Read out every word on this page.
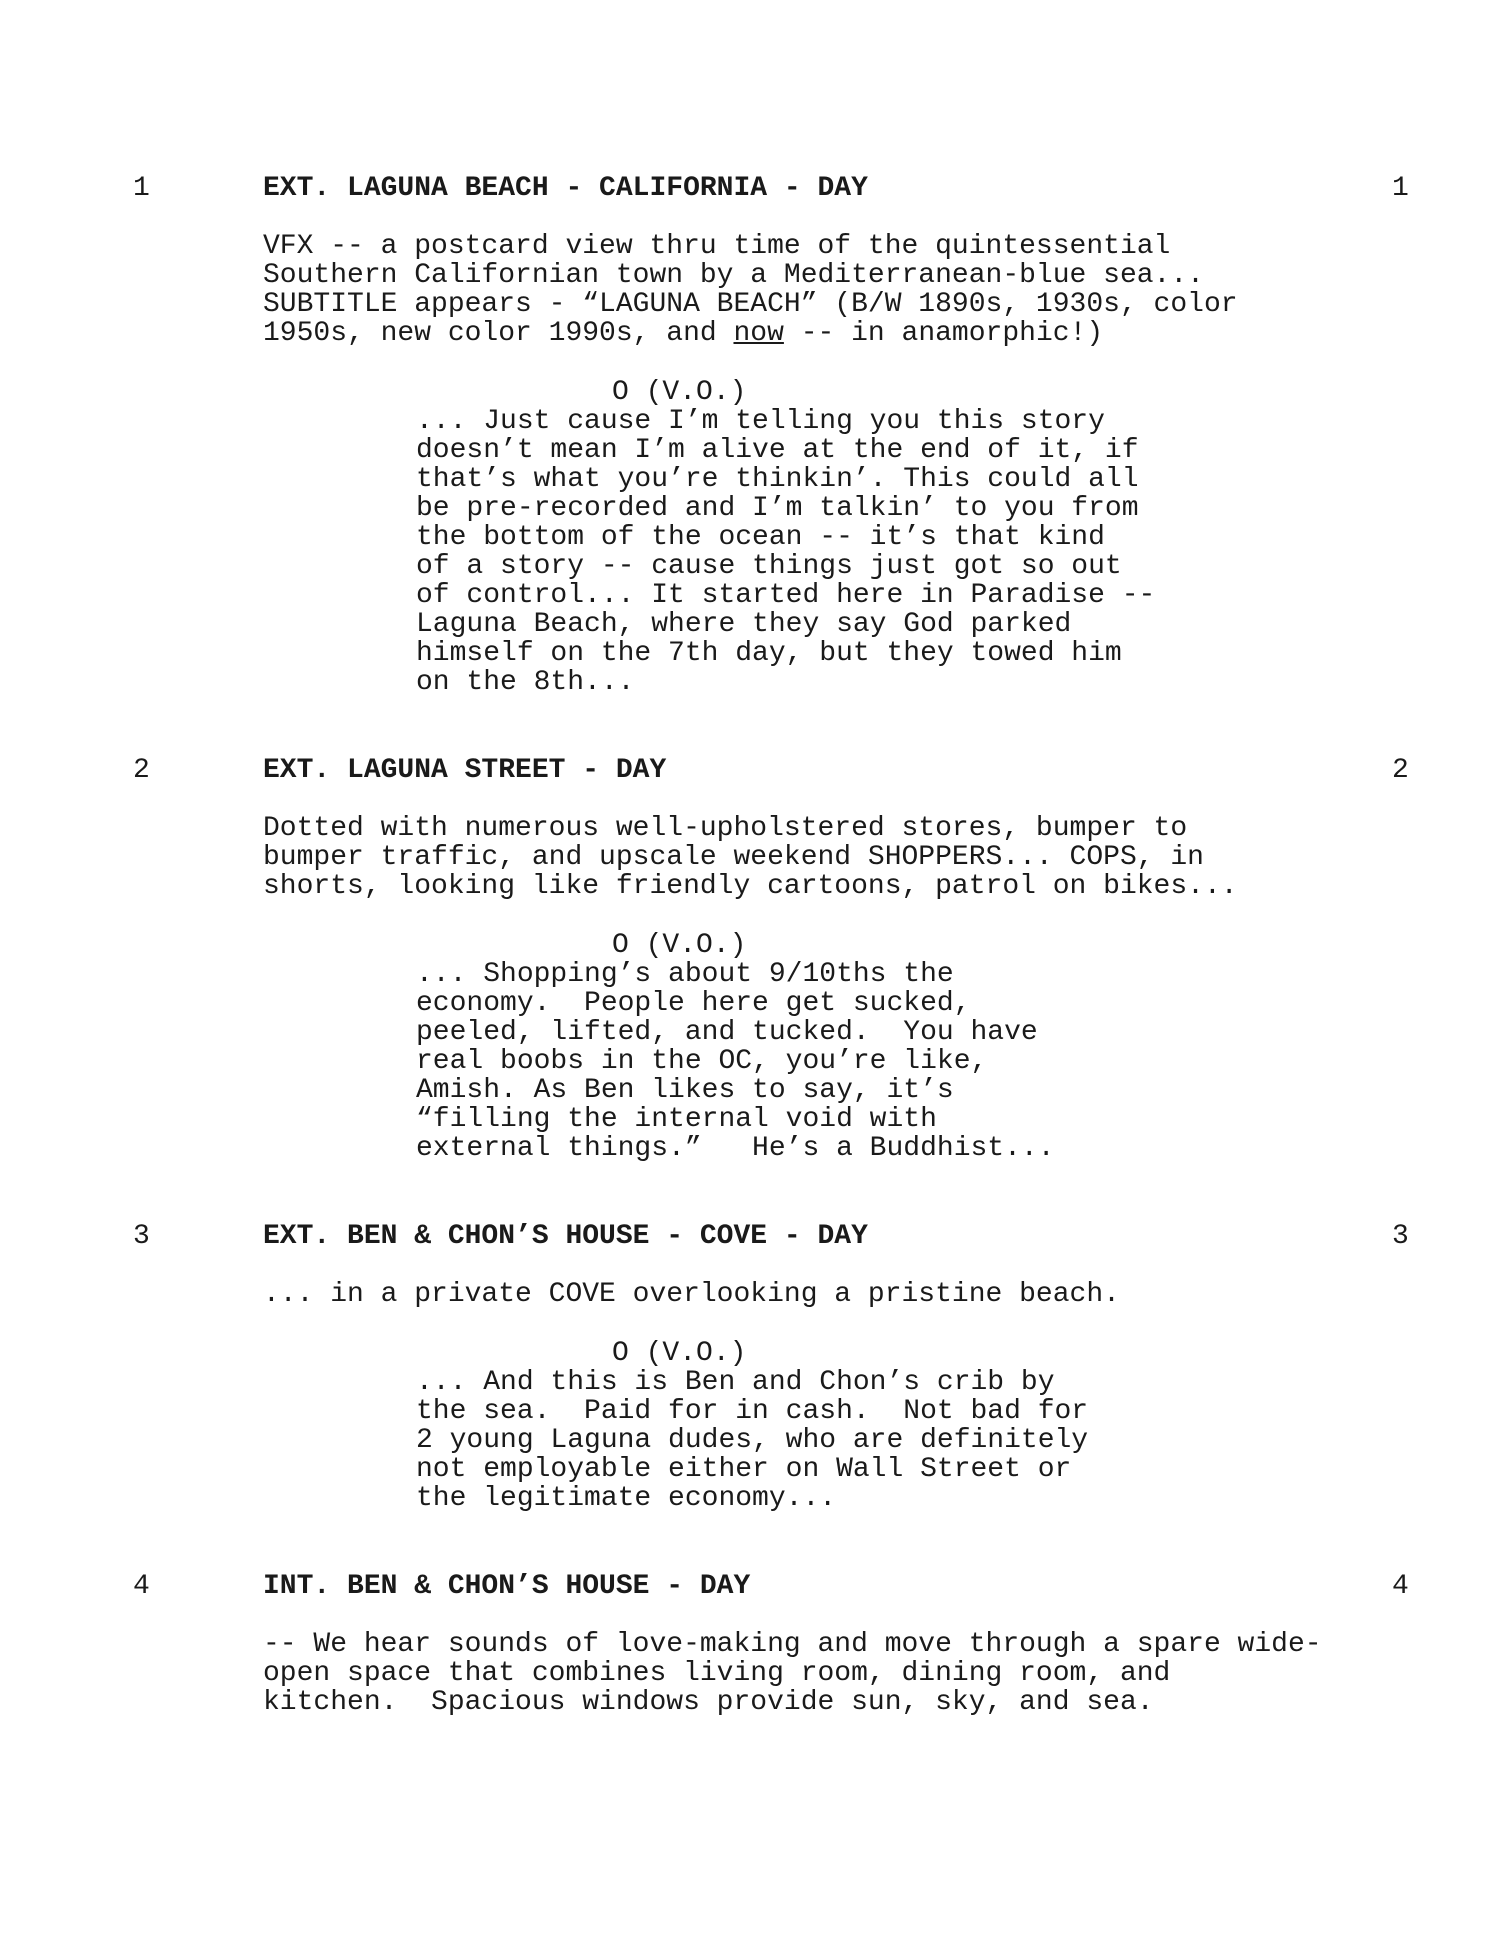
1	EXT. LAGUNA BEACH - CALIFORNIA - DAY	1
VFX -- a postcard view thru time of the quintessential
Southern Californian town by a Mediterranean-blue sea...
SUBTITLE appears - “LAGUNA BEACH” (B/W 1890s, 1930s, color
1950s, new color 1990s, and now -- in anamorphic!)
O (V.O.)
... Just cause I’m telling you this story
doesn’t mean I’m alive at the end of it, if
that’s what you’re thinkin’. This could all
be pre-recorded and I’m talkin’ to you from
the bottom of the ocean -- it’s that kind
of a story -- cause things just got so out
of control... It started here in Paradise --
Laguna Beach, where they say God parked
himself on the 7th day, but they towed him
on the 8th...
2	EXT. LAGUNA STREET - DAY	2
Dotted with numerous well-upholstered stores, bumper to
bumper traffic, and upscale weekend SHOPPERS... COPS, in
shorts, looking like friendly cartoons, patrol on bikes...
O (V.O.)
... Shopping’s about 9/10ths the
economy.  People here get sucked,
peeled, lifted, and tucked.  You have
real boobs in the OC, you’re like,
Amish. As Ben likes to say, it’s
“filling the internal void with
external things.”   He’s a Buddhist...
3	EXT. BEN & CHON’S HOUSE - COVE - DAY	3
... in a private COVE overlooking a pristine beach.
O (V.O.)
... And this is Ben and Chon’s crib by
the sea.  Paid for in cash.  Not bad for
2 young Laguna dudes, who are definitely
not employable either on Wall Street or
the legitimate economy...
4	INT. BEN & CHON’S HOUSE - DAY	4
-- We hear sounds of love-making and move through a spare wide-
open space that combines living room, dining room, and
kitchen.  Spacious windows provide sun, sky, and sea.
